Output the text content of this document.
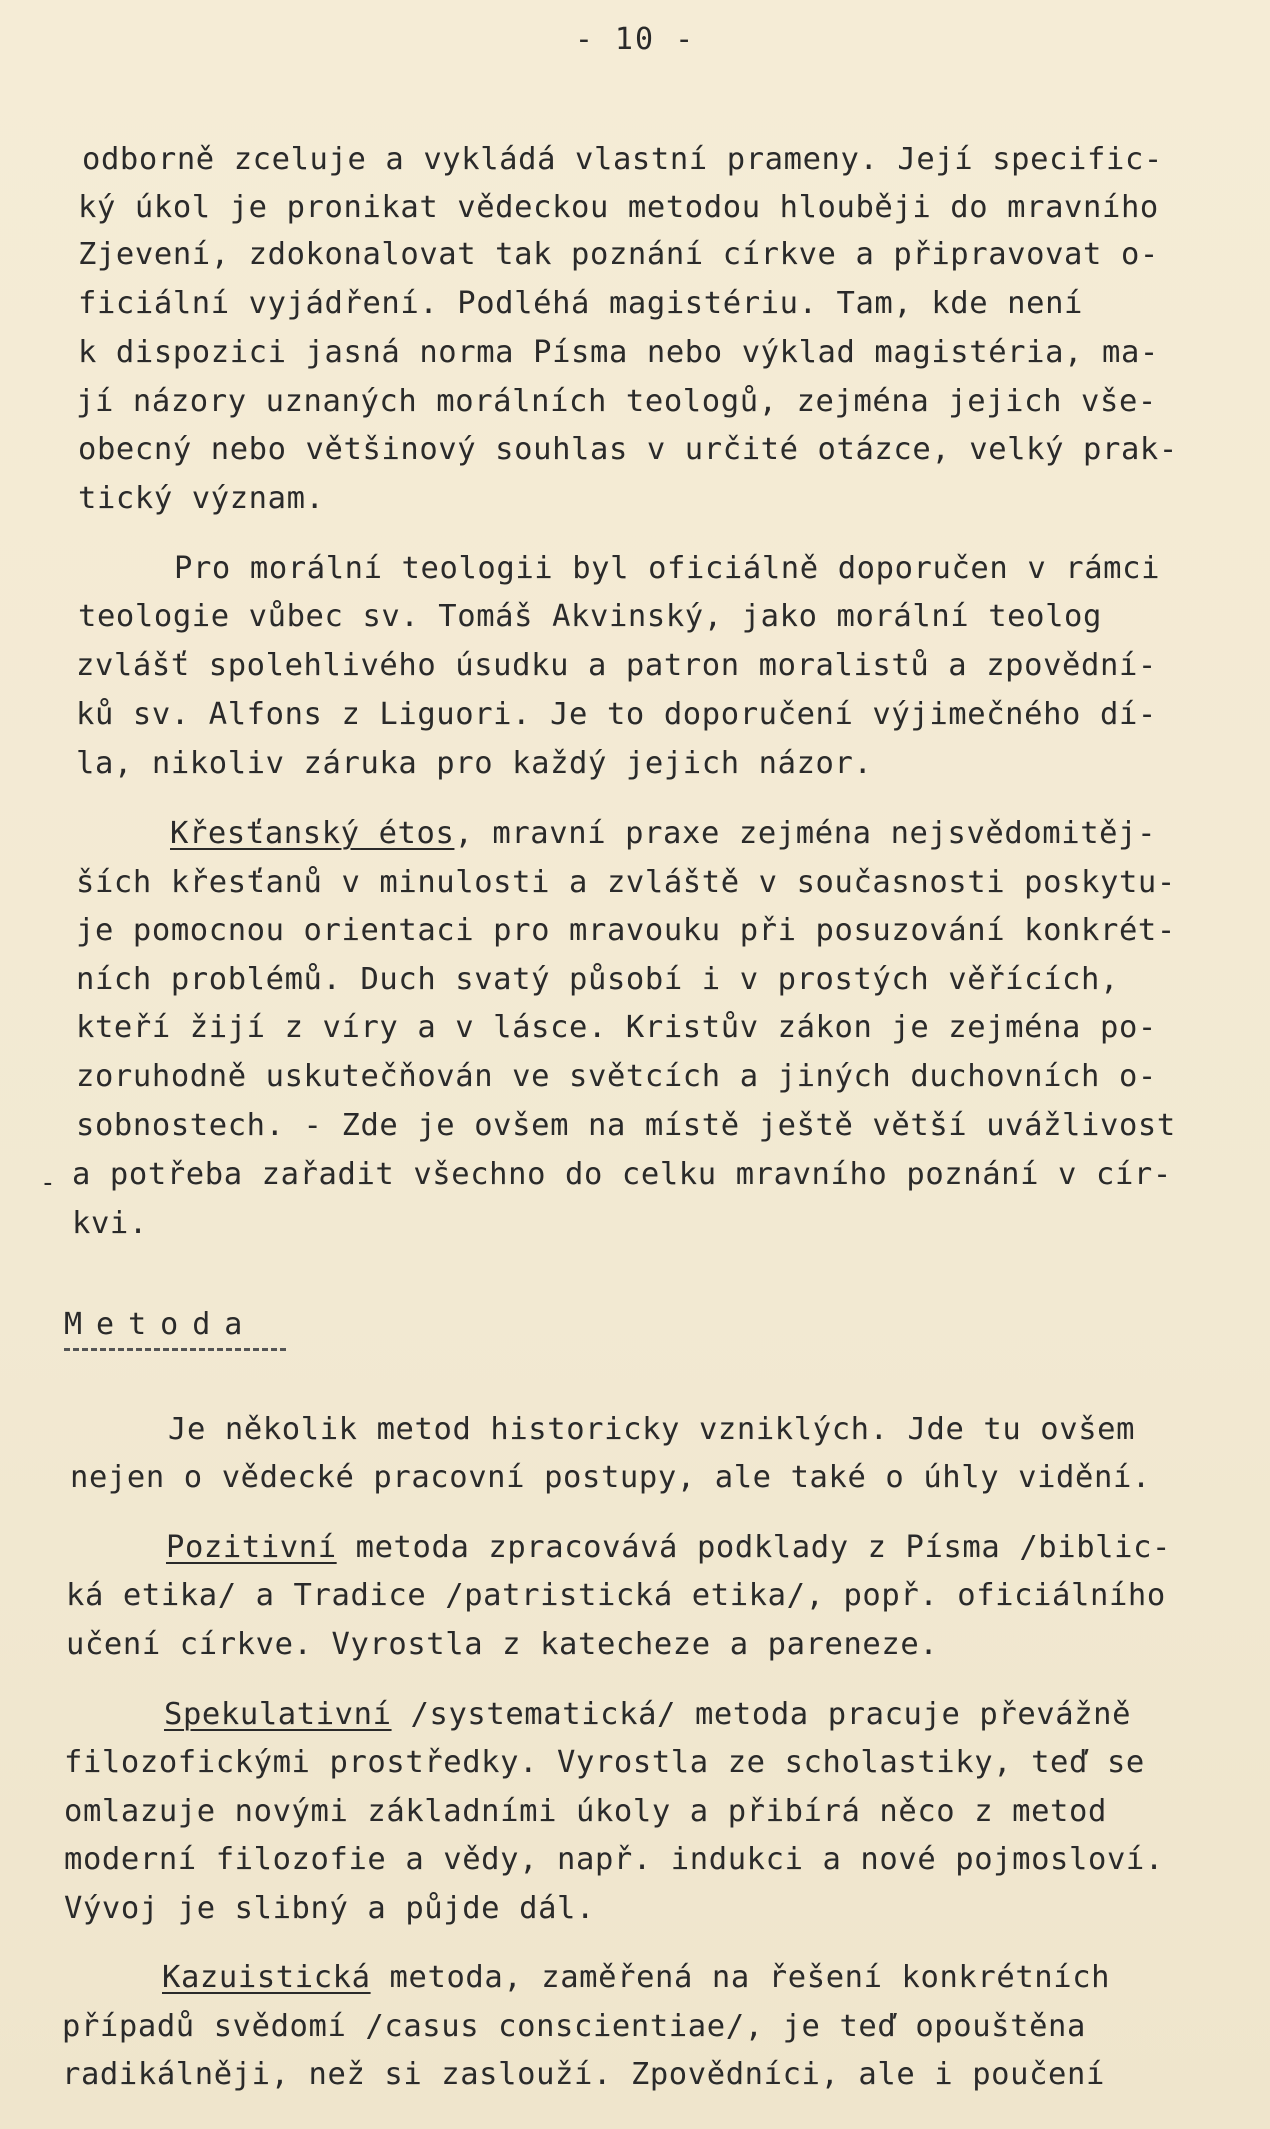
- 10 -
odborně zceluje a vykládá vlastní prameny. Její specific-
ký úkol je pronikat vědeckou metodou hlouběji do mravního
Zjevení, zdokonalovat tak poznání církve a připravovat o-
ficiální vyjádření. Podléhá magistériu. Tam, kde není
k dispozici jasná norma Písma nebo výklad magistéria, ma-
jí názory uznaných morálních teologů, zejména jejich vše-
obecný nebo většinový souhlas v určité otázce, velký prak-
tický význam.
Pro morální teologii byl oficiálně doporučen v rámci
teologie vůbec sv. Tomáš Akvinský, jako morální teolog
zvlášť spolehlivého úsudku a patron moralistů a zpovědní-
ků sv. Alfons z Liguori. Je to doporučení výjimečného dí-
la, nikoliv záruka pro každý jejich názor.
Křesťanský étos, mravní praxe zejména nejsvědomitěj-
ších křesťanů v minulosti a zvláště v současnosti poskytu-
je pomocnou orientaci pro mravouku při posuzování konkrét-
ních problémů. Duch svatý působí i v prostých věřících,
kteří žijí z víry a v lásce. Kristův zákon je zejména po-
zoruhodně uskutečňován ve světcích a jiných duchovních o-
sobnostech. - Zde je ovšem na místě ještě větší uvážlivost
a potřeba zařadit všechno do celku mravního poznání v cír-
kvi.
-
Metoda
Je několik metod historicky vzniklých. Jde tu ovšem
nejen o vědecké pracovní postupy, ale také o úhly vidění.
Pozitivní metoda zpracovává podklady z Písma /biblic-
ká etika/ a Tradice /patristická etika/, popř. oficiálního
učení církve. Vyrostla z katecheze a pareneze.
Spekulativní /systematická/ metoda pracuje převážně
filozofickými prostředky. Vyrostla ze scholastiky, teď se
omlazuje novými základními úkoly a přibírá něco z metod
moderní filozofie a vědy, např. indukci a nové pojmosloví.
Vývoj je slibný a půjde dál.
Kazuistická metoda, zaměřená na řešení konkrétních
případů svědomí /casus conscientiae/, je teď opouštěna
radikálněji, než si zaslouží. Zpovědníci, ale i poučení
